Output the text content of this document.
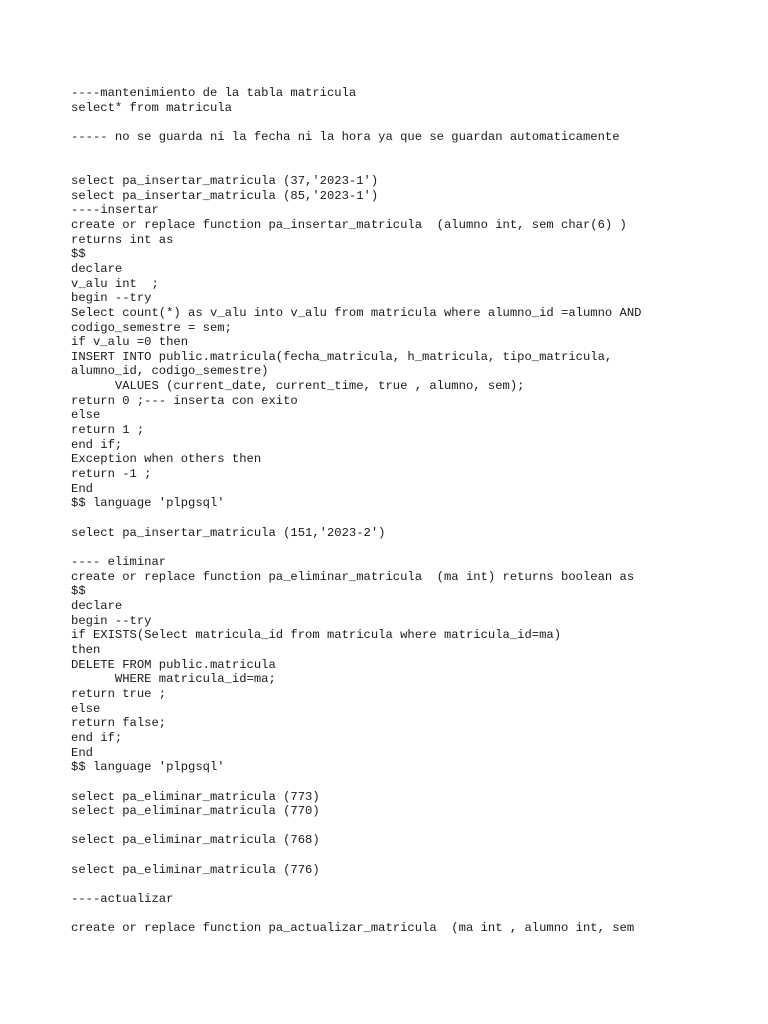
----mantenimiento de la tabla matricula
select* from matricula
----- no se guarda ni la fecha ni la hora ya que se guardan automaticamente
select pa_insertar_matricula (37,'2023-1')
select pa_insertar_matricula (85,'2023-1')
----insertar
create or replace function pa_insertar_matricula  (alumno int, sem char(6) )
returns int as
$$
declare
v_alu int  ;
begin --try
Select count(*) as v_alu into v_alu from matricula where alumno_id =alumno AND
codigo_semestre = sem;
if v_alu =0 then
INSERT INTO public.matricula(fecha_matricula, h_matricula, tipo_matricula,
alumno_id, codigo_semestre)
VALUES (current_date, current_time, true , alumno, sem);
return 0 ;--- inserta con exito
else
return 1 ;
end if;
Exception when others then
return -1 ;
End
$$ language 'plpgsql'
select pa_insertar_matricula (151,'2023-2')
---- eliminar
create or replace function pa_eliminar_matricula  (ma int) returns boolean as
$$
declare
begin --try
if EXISTS(Select matricula_id from matricula where matricula_id=ma)
then
DELETE FROM public.matricula
WHERE matricula_id=ma;
return true ;
else
return false;
end if;
End
$$ language 'plpgsql'
select pa_eliminar_matricula (773)
select pa_eliminar_matricula (770)
select pa_eliminar_matricula (768)
select pa_eliminar_matricula (776)
----actualizar
create or replace function pa_actualizar_matricula  (ma int , alumno int, sem
